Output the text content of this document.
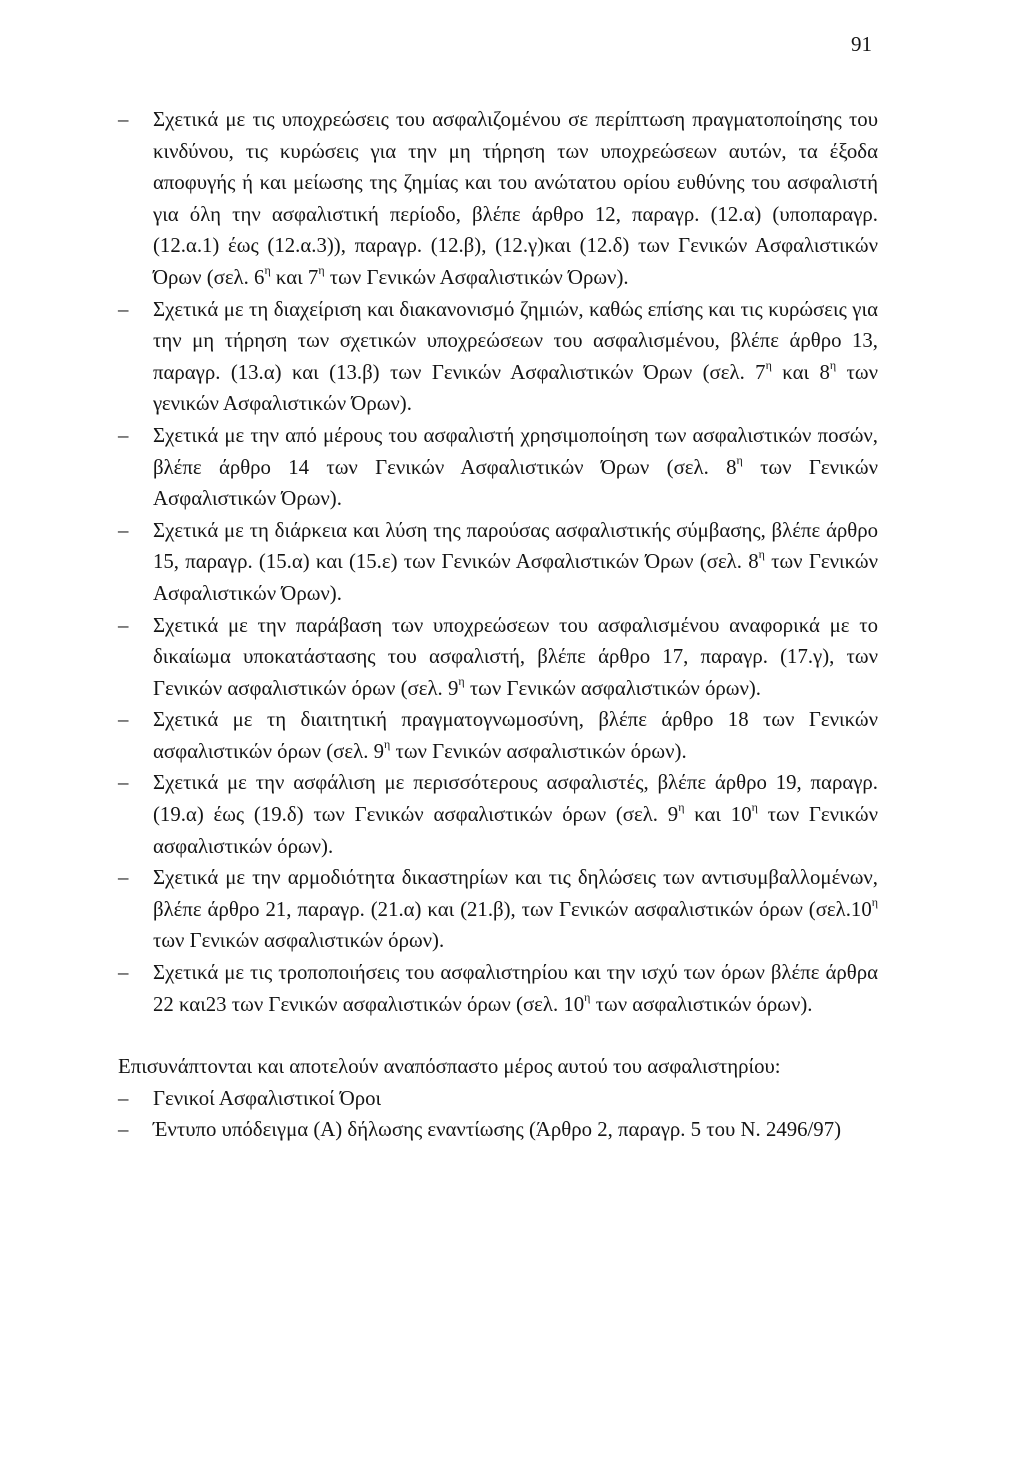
91
–	Σχετικά με τις υποχρεώσεις του ασφαλιζομένου σε περίπτωση πραγματοποίησης του κινδύνου, τις κυρώσεις για την μη τήρηση των υποχρεώσεων αυτών, τα έξοδα αποφυγής ή και μείωσης της ζημίας και του ανώτατου ορίου ευθύνης του ασφαλιστή για όλη την ασφαλιστική περίοδο, βλέπε άρθρο 12, παραγρ. (12.α) (υποπαραγρ. (12.α.1) έως (12.α.3)), παραγρ. (12.β), (12.γ)και (12.δ) των Γενικών Ασφαλιστικών Όρων (σελ. $6^\eta$ και $7^\eta$ των Γενικών Ασφαλιστικών Όρων).
–	Σχετικά με τη διαχείριση και διακανονισμό ζημιών, καθώς επίσης και τις κυρώσεις για την μη τήρηση των σχετικών υποχρεώσεων του ασφαλισμένου, βλέπε άρθρο 13, παραγρ. (13.α) και (13.β) των Γενικών Ασφαλιστικών Όρων (σελ. $7^\eta$ και $8^\eta$ των γενικών Ασφαλιστικών Όρων).
–	Σχετικά με την από μέρους του ασφαλιστή χρησιμοποίηση των ασφαλιστικών ποσών, βλέπε άρθρο 14 των Γενικών Ασφαλιστικών Όρων (σελ. $8^\eta$ των Γενικών Ασφαλιστικών Όρων).
–	Σχετικά με τη διάρκεια και λύση της παρούσας ασφαλιστικής σύμβασης, βλέπε άρθρο 15, παραγρ. (15.α) και (15.ε) των Γενικών Ασφαλιστικών Όρων (σελ. $8^\eta$ των Γενικών Ασφαλιστικών Όρων).
–	Σχετικά με την παράβαση των υποχρεώσεων του ασφαλισμένου αναφορικά με το δικαίωμα υποκατάστασης του ασφαλιστή, βλέπε άρθρο 17, παραγρ. (17.γ), των Γενικών ασφαλιστικών όρων (σελ. $9^\eta$ των Γενικών ασφαλιστικών όρων).
–	Σχετικά με τη διαιτητική πραγματογνωμοσύνη, βλέπε άρθρο 18 των Γενικών ασφαλιστικών όρων (σελ. $9^\eta$ των Γενικών ασφαλιστικών όρων).
–	Σχετικά με την ασφάλιση με περισσότερους ασφαλιστές, βλέπε άρθρο 19, παραγρ. (19.α) έως (19.δ) των Γενικών ασφαλιστικών όρων (σελ. $9^\eta$ και $10^\eta$ των Γενικών ασφαλιστικών όρων).
–	Σχετικά με την αρμοδιότητα δικαστηρίων και τις δηλώσεις των αντισυμβαλλομένων, βλέπε άρθρο 21, παραγρ. (21.α) και (21.β), των Γενικών ασφαλιστικών όρων ($\sigma\varepsilon\lambda.10^\eta$ των Γενικών ασφαλιστικών όρων).
–	Σχετικά με τις τροποποιήσεις του ασφαλιστηρίου και την ισχύ των όρων βλέπε άρθρα 22 και23 των Γενικών ασφαλιστικών όρων (σελ. $10^\eta$ των ασφαλιστικών όρων).

Επισυνάπτονται και αποτελούν αναπόσπαστο μέρος αυτού του ασφαλιστηρίου:

–	Γενικοί Ασφαλιστικοί Όροι
–	Έντυπο υπόδειγμα (Α) δήλωσης εναντίωσης (Άρθρο 2, παραγρ. 5 του Ν. 2496/97)
